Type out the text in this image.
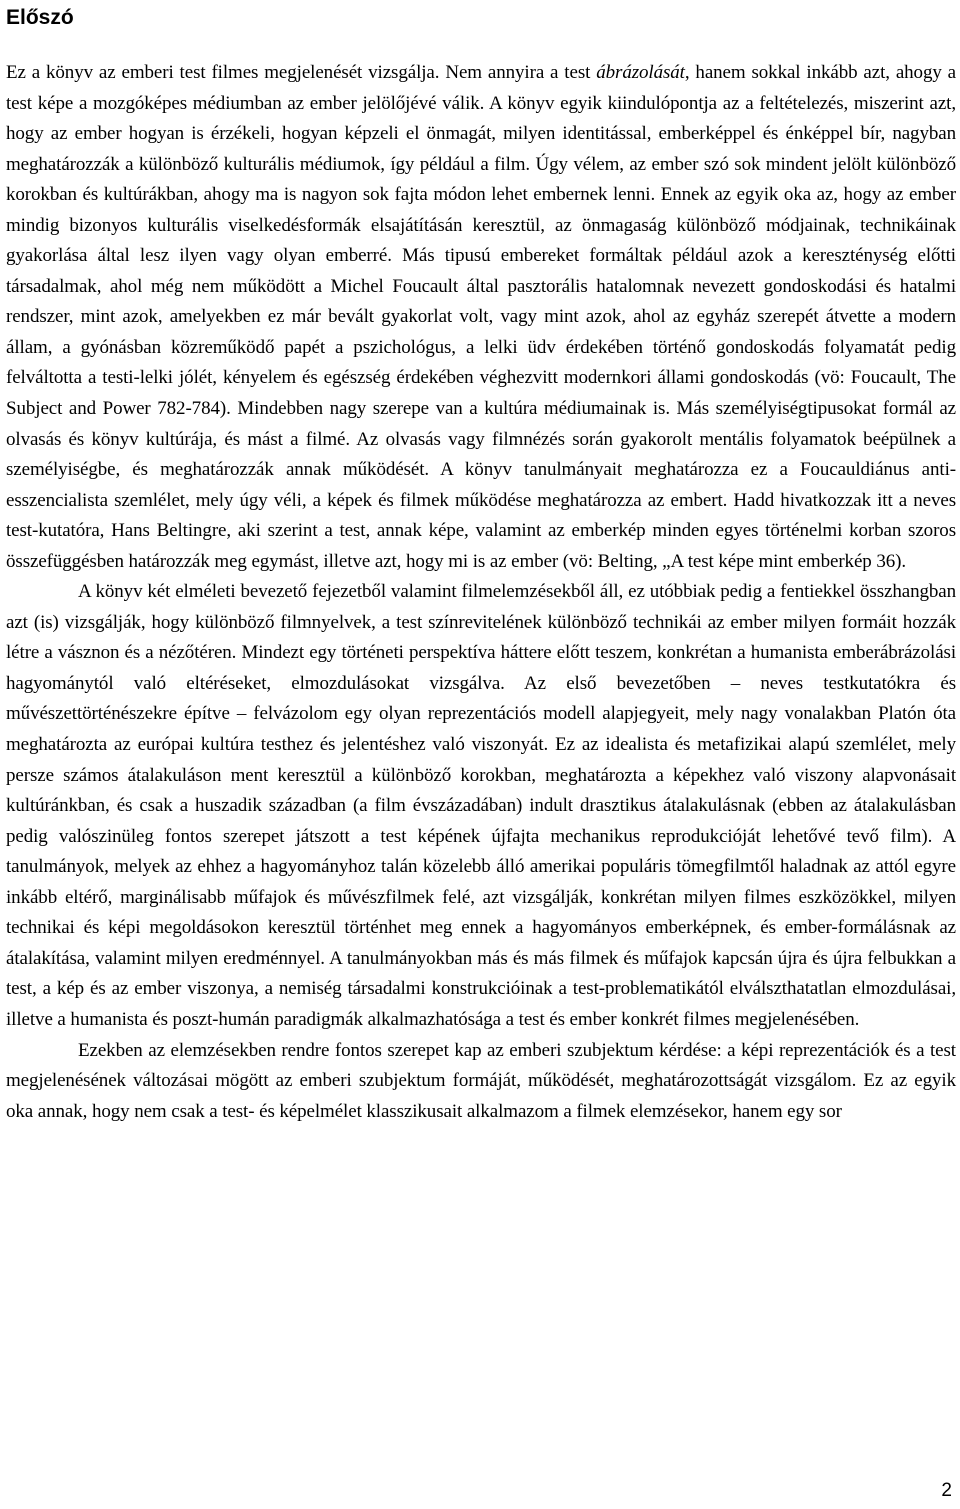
Előszó

Ez a könyv az emberi test filmes megjelenését vizsgálja. Nem annyira a test ábrázolását, hanem sokkal inkább azt, ahogy a test képe a mozgóképes médiumban az ember jelölőjévé válik. A könyv egyik kiindulópontja az a feltételezés, miszerint azt, hogy az ember hogyan is érzékeli, hogyan képzeli el önmagát, milyen identitással, emberképpel és énképpel bír, nagyban meghatározzák a különböző kulturális médiumok, így például a film. Úgy vélem, az ember szó sok mindent jelölt különböző korokban és kultúrákban, ahogy ma is nagyon sok fajta módon lehet embernek lenni. Ennek az egyik oka az, hogy az ember mindig bizonyos kulturális viselkedésformák elsajátításán keresztül, az önmagaság különböző módjainak, technikáinak gyakorlása által lesz ilyen vagy olyan emberré. Más tipusú embereket formáltak például azok a kereszténység előtti társadalmak, ahol még nem működött a Michel Foucault által pasztorális hatalomnak nevezett gondoskodási és hatalmi rendszer, mint azok, amelyekben ez már bevált gyakorlat volt, vagy mint azok, ahol az egyház szerepét átvette a modern állam, a gyónásban közreműködő papét a pszichológus, a lelki üdv érdekében történő gondoskodás folyamatát pedig felváltotta a testi-lelki jólét, kényelem és egészség érdekében véghezvitt modernkori állami gondoskodás (vö: Foucault, The Subject and Power 782-784). Mindebben nagy szerepe van a kultúra médiumainak is. Más személyiségtipusokat formál az olvasás és könyv kultúrája, és mást a filmé. Az olvasás vagy filmnézés során gyakorolt mentális folyamatok beépülnek a személyiségbe, és meghatározzák annak működését. A könyv tanulmányait meghatározza ez a Foucauldiánus anti-esszencialista szemlélet, mely úgy véli, a képek és filmek működése meghatározza az embert. Hadd hivatkozzak itt a neves test-kutatóra, Hans Beltingre, aki szerint a test, annak képe, valamint az emberkép minden egyes történelmi korban szoros összefüggésben határozzák meg egymást, illetve azt, hogy mi is az ember (vö: Belting, „A test képe mint emberkép 36).

A könyv két elméleti bevezető fejezetből valamint filmelemzésekből áll, ez utóbbiak pedig a fentiekkel összhangban azt (is) vizsgálják, hogy különböző filmnyelvek, a test színrevitelének különböző technikái az ember milyen formáit hozzák létre a vásznon és a nézőtéren. Mindezt egy történeti perspektíva háttere előtt teszem, konkrétan a humanista emberábrázolási hagyománytól való eltéréseket, elmozdulásokat vizsgálva. Az első bevezetőben – neves testkutatókra és művészettörténészekre építve – felvázolom egy olyan reprezentációs modell alapjegyeit, mely nagy vonalakban Platón óta meghatározta az európai kultúra testhez és jelentéshez való viszonyát. Ez az idealista és metafizikai alapú szemlélet, mely persze számos átalakuláson ment keresztül a különböző korokban, meghatározta a képekhez való viszony alapvonásait kultúránkban, és csak a huszadik században (a film évszázadában) indult drasztikus átalakulásnak (ebben az átalakulásban pedig valószinüleg fontos szerepet játszott a test képének újfajta mechanikus reprodukcióját lehetővé tevő film). A tanulmányok, melyek az ehhez a hagyományhoz talán közelebb álló amerikai populáris tömegfilmtől haladnak az attól egyre inkább eltérő, marginálisabb műfajok és művészfilmek felé, azt vizsgálják, konkrétan milyen filmes eszközökkel, milyen technikai és képi megoldásokon keresztül történhet meg ennek a hagyományos emberképnek, és ember-formálásnak az átalakítása, valamint milyen eredménnyel. A tanulmányokban más és más filmek és műfajok kapcsán újra és újra felbukkan a test, a kép és az ember viszonya, a nemiség társadalmi konstrukcióinak a test-problematikától elválszthatatlan elmozdulásai, illetve a humanista és poszt-humán paradigmák alkalmazhatósága a test és ember konkrét filmes megjelenésében.

Ezekben az elemzésekben rendre fontos szerepet kap az emberi szubjektum kérdése: a képi reprezentációk és a test megjelenésének változásai mögött az emberi szubjektum formáját, működését, meghatározottságát vizsgálom. Ez az egyik oka annak, hogy nem csak a test- és képelmélet klasszikusait alkalmazom a filmek elemzésekor, hanem egy sor

2
